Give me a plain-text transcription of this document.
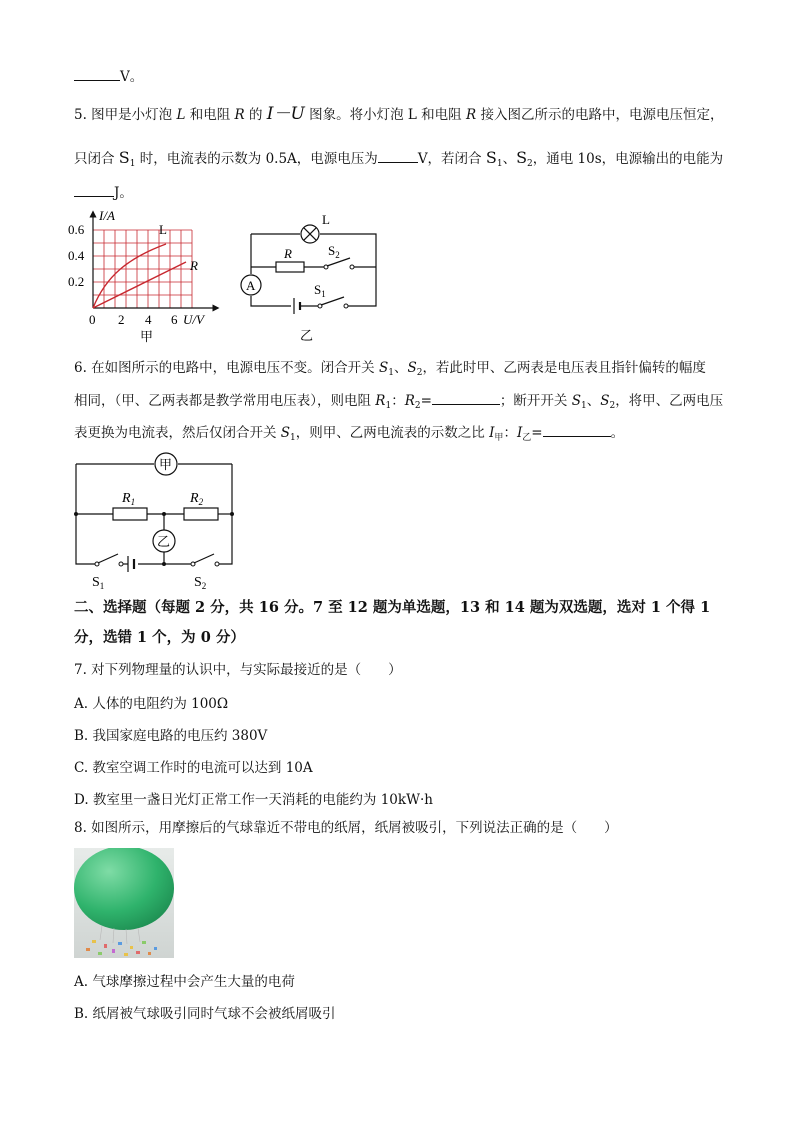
V。
5. 图甲是小灯泡 L 和电阻 R 的 I－U 图象。将小灯泡 L 和电阻 R 接入图乙所示的电路中，电源电压恒定，
只闭合 $S_1$ 时，电流表的示数为 0.5A，电源电压为	V，若闭合 $S_1$、$S_2$，通电 10s，电源输出的电能为
J。
I/A
0.6
0.4
0.2
0 2 4 6 U/V
L
R
甲
L
R	$S_2$
$S_1$
A
乙
6. 在如图所示的电路中，电源电压不变。闭合开关 $S_1$、$S_2$，若此时甲、乙两表是电压表且指针偏转的幅度
相同，（甲、乙两表都是教学常用电压表），则电阻 $R_1$：$R_2=$	；断开开关 $S_1$、$S_2$，将甲、乙两电压
表更换为电流表，然后仅闭合开关 $S_1$，则甲、乙两电流表的示数之比 $I_甲$：$I_乙=$	。
甲
乙
$R_1$	$R_2$
$S_1$	$S_2$
二、选择题（每题 2 分，共 16 分。7 至 12 题为单选题，13 和 14 题为双选题，选对 1 个得 1
分，选错 1 个，为 0 分）
7. 对下列物理量的认识中，与实际最接近的是（　　）
A. 人体的电阻约为 100Ω
B. 我国家庭电路的电压约 380V
C. 教室空调工作时的电流可以达到 10A
D. 教室里一盏日光灯正常工作一天消耗的电能约为 10kW·h
8. 如图所示，用摩擦后的气球靠近不带电的纸屑，纸屑被吸引，下列说法正确的是（　　）
A. 气球摩擦过程中会产生大量的电荷
B. 纸屑被气球吸引同时气球不会被纸屑吸引
